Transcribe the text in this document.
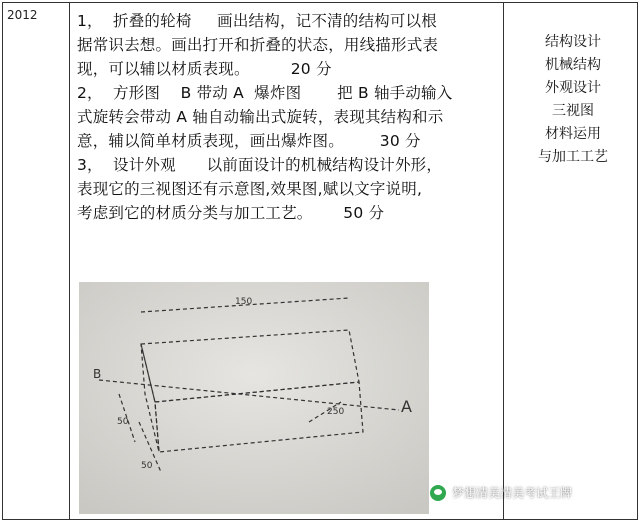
2012	1，  折叠的轮椅     画出结构，记不清的结构可以根

据常识去想。画出打开和折叠的状态，用线描形式表

现，可以辅以材质表现。        20 分

2，  方形图    B 带动 A  爆炸图       把 B 轴手动输入

式旋转会带动 A 轴自动输出式旋转，表现其结构和示

意，辅以简单材质表现，画出爆炸图。       30 分

3，  设计外观      以前面设计的机械结构设计外形，

表现它的三视图还有示意图,效果图,赋以文字说明,

考虑到它的材质分类与加工工艺。      50 分

结构设计
机械结构
外观设计
三视图
材料运用
与加工工艺
150
50
50
250
B
A
梦想清美清美考试王牌
